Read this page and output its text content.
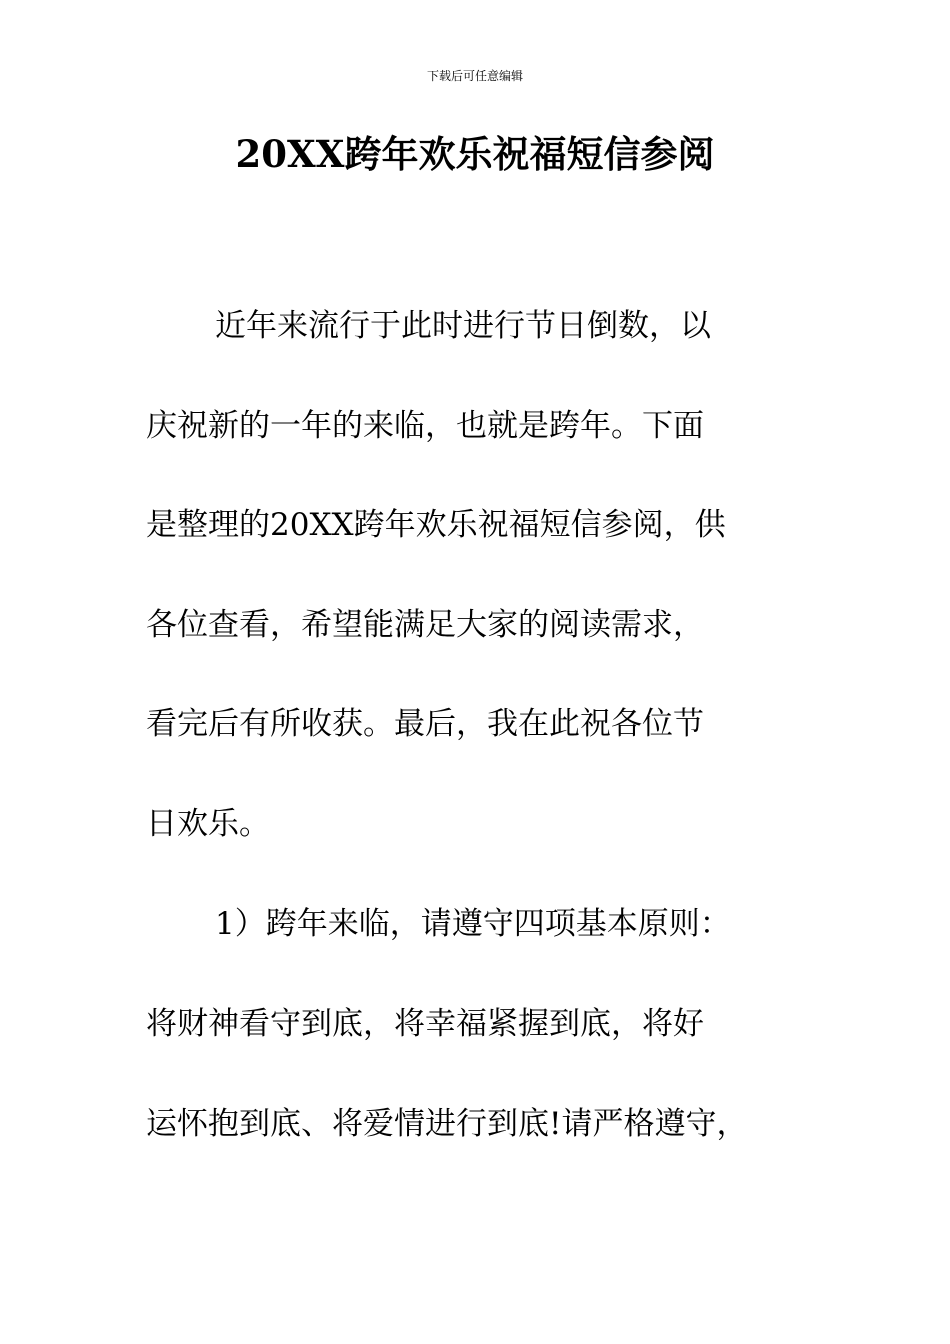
下载后可任意编辑
20XX跨年欢乐祝福短信参阅
近年来流行于此时进行节日倒数，以
庆祝新的一年的来临，也就是跨年。下面
是整理的20XX跨年欢乐祝福短信参阅，供
各位查看，希望能满足大家的阅读需求，
看完后有所收获。最后，我在此祝各位节
日欢乐。
1）跨年来临，请遵守四项基本原则：
将财神看守到底，将幸福紧握到底，将好
运怀抱到底、将爱情进行到底!请严格遵守，
